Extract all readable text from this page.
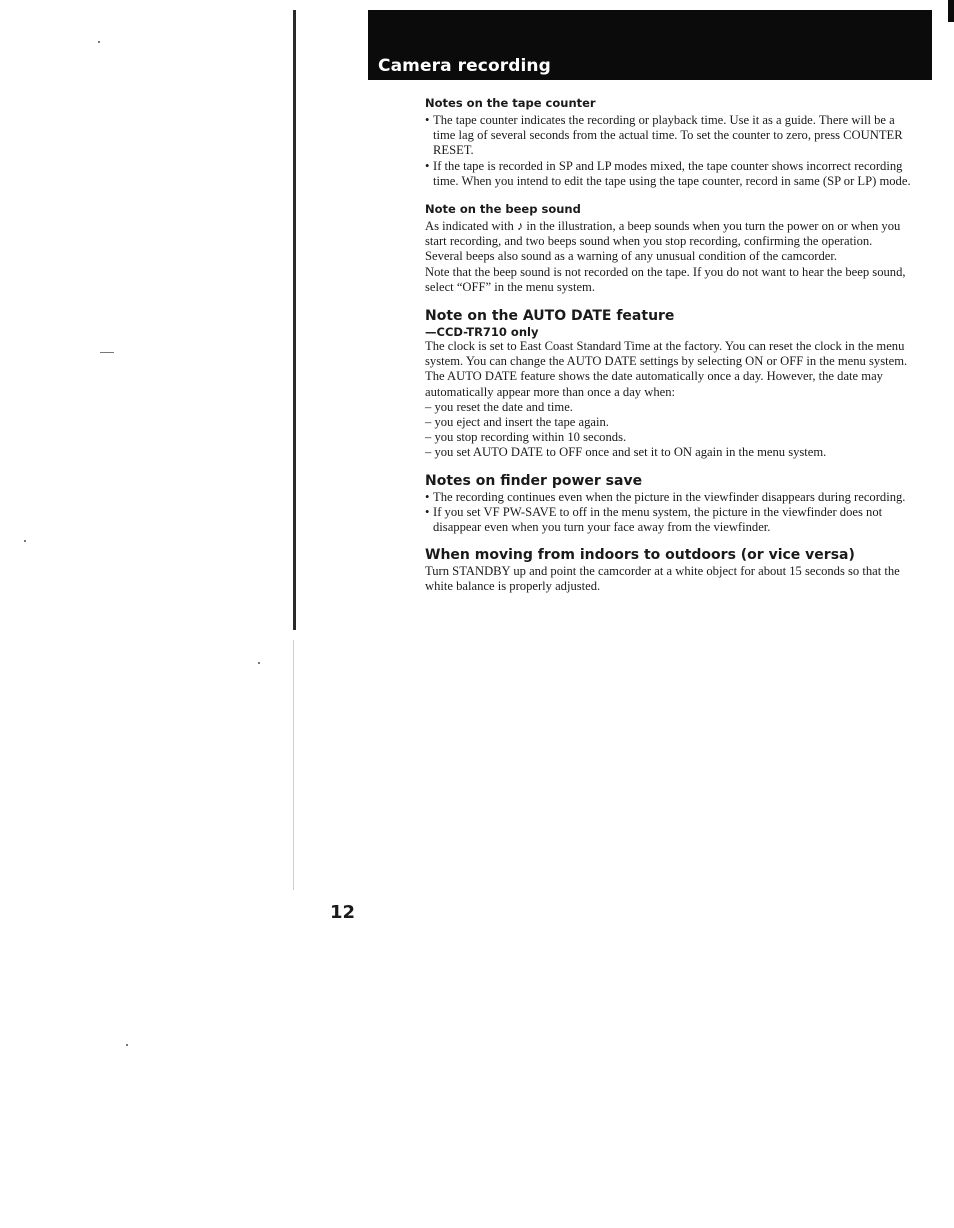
Camera recording
Notes on the tape counter
• The tape counter indicates the recording or playback time. Use it as a guide. There will be a time lag of several seconds from the actual time. To set the counter to zero, press COUNTER RESET.
• If the tape is recorded in SP and LP modes mixed, the tape counter shows incorrect recording time. When you intend to edit the tape using the tape counter, record in same (SP or LP) mode.
Note on the beep sound

As indicated with ♪ in the illustration, a beep sounds when you turn the power on or when you start recording, and two beeps sound when you stop recording, confirming the operation. Several beeps also sound as a warning of any unusual condition of the camcorder.

Note that the beep sound is not recorded on the tape. If you do not want to hear the beep sound, select “OFF” in the menu system.

Note on the AUTO DATE feature
—CCD-TR710 only

The clock is set to East Coast Standard Time at the factory. You can reset the clock in the menu system. You can change the AUTO DATE settings by selecting ON or OFF in the menu system. The AUTO DATE feature shows the date automatically once a day. However, the date may automatically appear more than once a day when:

– you reset the date and time.
– you eject and insert the tape again.
– you stop recording within 10 seconds.
– you set AUTO DATE to OFF once and set it to ON again in the menu system.
Notes on finder power save
• The recording continues even when the picture in the viewfinder disappears during recording.
• If you set VF PW-SAVE to off in the menu system, the picture in the viewfinder does not disappear even when you turn your face away from the viewfinder.
When moving from indoors to outdoors (or vice versa)

Turn STANDBY up and point the camcorder at a white object for about 15 seconds so that the white balance is properly adjusted.

12
